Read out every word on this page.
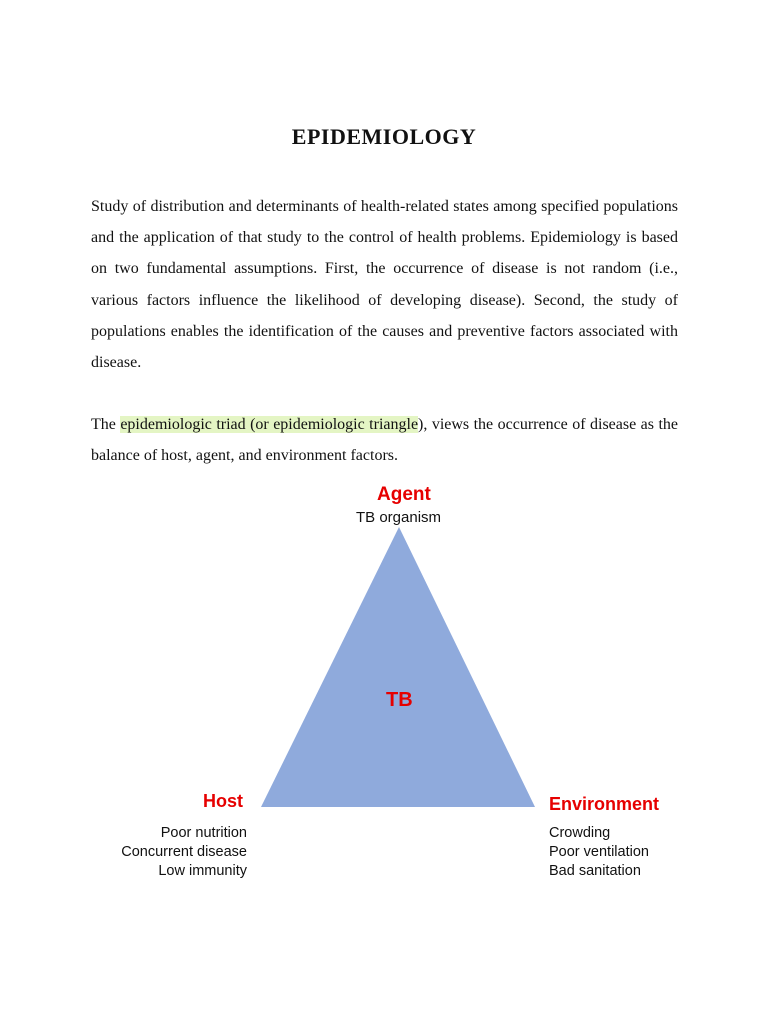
EPIDEMIOLOGY

Study of distribution and determinants of health-related states among specified populations and the application of that study to the control of health problems. Epidemiology is based on two fundamental assumptions. First, the occurrence of disease is not random (i.e., various factors influence the likelihood of developing disease). Second, the study of populations enables the identification of the causes and preventive factors associated with disease.

The epidemiologic triad (or epidemiologic triangle), views the occurrence of disease as the balance of host, agent, and environment factors.

Agent
TB organism
TB
Host
Poor nutrition
Concurrent disease
Low immunity
Environment
Crowding
Poor ventilation
Bad sanitation
